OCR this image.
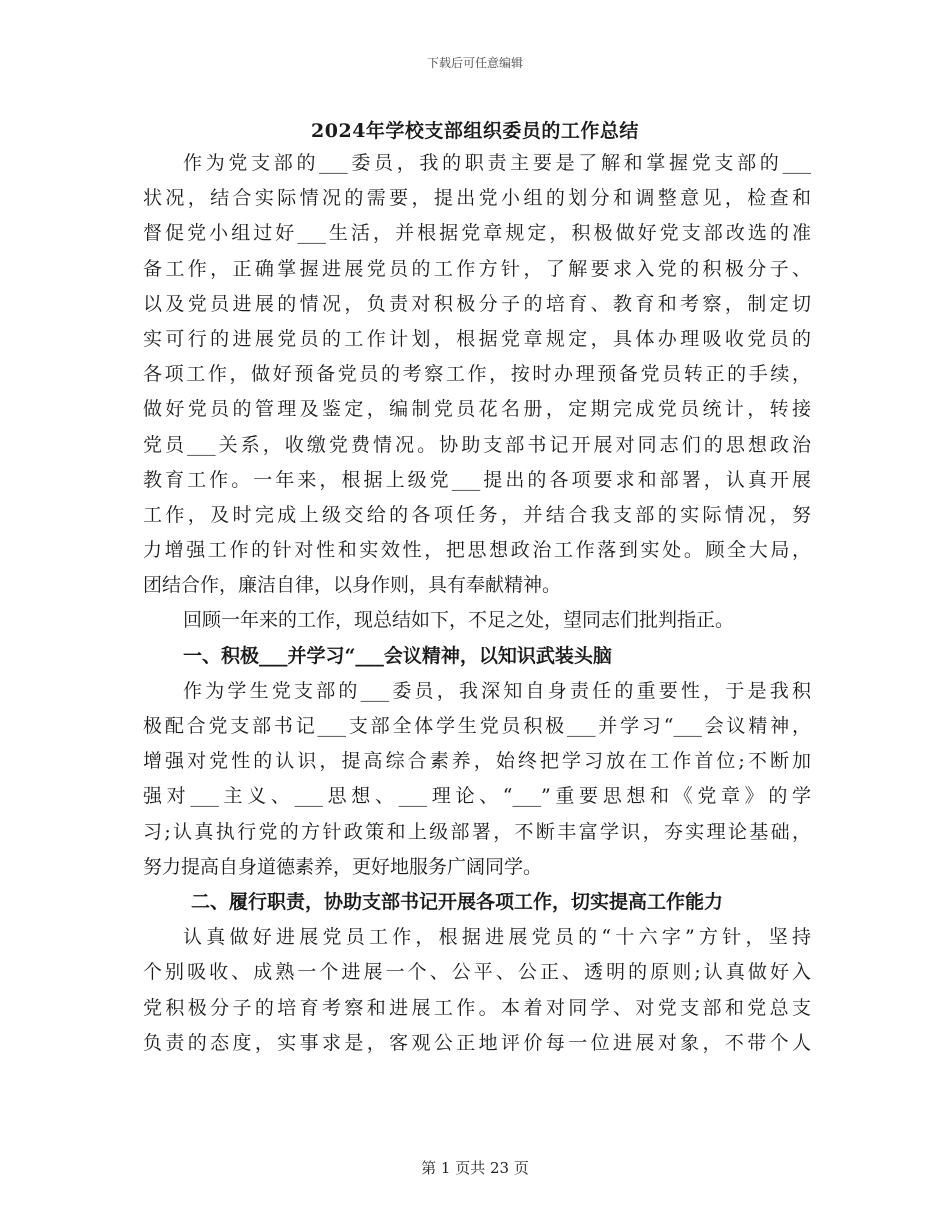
下载后可任意编辑
2024年学校支部组织委员的工作总结
作为党支部的___委员，我的职责主要是了解和掌握党支部的___
状况，结合实际情况的需要，提出党小组的划分和调整意见，检查和
督促党小组过好___生活，并根据党章规定，积极做好党支部改选的准
备工作，正确掌握进展党员的工作方针，了解要求入党的积极分子、
以及党员进展的情况，负责对积极分子的培育、教育和考察，制定切
实可行的进展党员的工作计划，根据党章规定，具体办理吸收党员的
各项工作，做好预备党员的考察工作，按时办理预备党员转正的手续，
做好党员的管理及鉴定，编制党员花名册，定期完成党员统计，转接
党员___关系，收缴党费情况。协助支部书记开展对同志们的思想政治
教育工作。一年来，根据上级党___提出的各项要求和部署，认真开展
工作，及时完成上级交给的各项任务，并结合我支部的实际情况，努
力增强工作的针对性和实效性，把思想政治工作落到实处。顾全大局，
团结合作，廉洁自律，以身作则，具有奉献精神。
回顾一年来的工作，现总结如下，不足之处，望同志们批判指正。
一、积极___并学习“___会议精神，以知识武装头脑
作为学生党支部的___委员，我深知自身责任的重要性，于是我积
极配合党支部书记___支部全体学生党员积极___并学习“___会议精神，
增强对党性的认识，提高综合素养，始终把学习放在工作首位;不断加
强对___主义、___思想、___理论、“___”重要思想和《党章》的学
习;认真执行党的方针政策和上级部署，不断丰富学识，夯实理论基础，
努力提高自身道德素养，更好地服务广阔同学。
二、履行职责，协助支部书记开展各项工作，切实提高工作能力
认真做好进展党员工作，根据进展党员的“十六字”方针，坚持
个别吸收、成熟一个进展一个、公平、公正、透明的原则;认真做好入
党积极分子的培育考察和进展工作。本着对同学、对党支部和党总支
负责的态度，实事求是，客观公正地评价每一位进展对象，不带个人
第 1 页共 23 页
